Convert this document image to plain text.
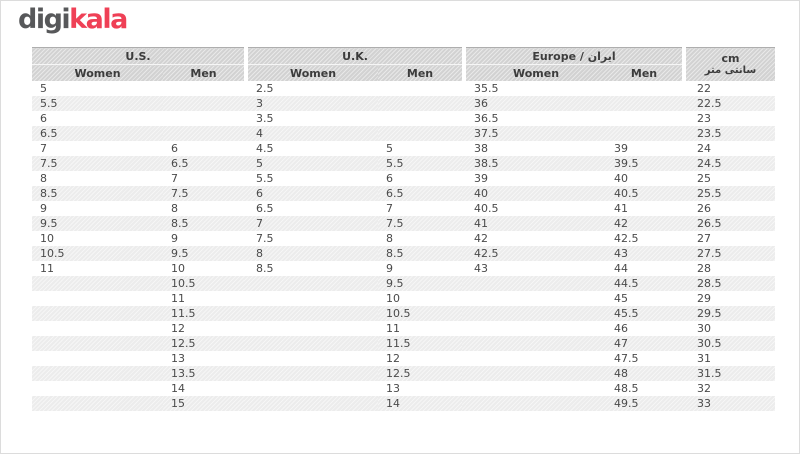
digikala
U.S.			U.K.			Europe / ایران			cm
سانتی متر

Women	Men		Women	Men		Women	Men		
5			2.5			35.5			22
5.5			3			36			22.5
6			3.5			36.5			23
6.5			4			37.5			23.5
7	6		4.5	5		38	39		24
7.5	6.5		5	5.5		38.5	39.5		24.5
8	7		5.5	6		39	40		25
8.5	7.5		6	6.5		40	40.5		25.5
9	8		6.5	7		40.5	41		26
9.5	8.5		7	7.5		41	42		26.5
10	9		7.5	8		42	42.5		27
10.5	9.5		8	8.5		42.5	43		27.5
11	10		8.5	9		43	44		28
	10.5			9.5			44.5		28.5
	11			10			45		29
	11.5			10.5			45.5		29.5
	12			11			46		30
	12.5			11.5			47		30.5
	13			12			47.5		31
	13.5			12.5			48		31.5
	14			13			48.5		32
	15			14			49.5		33
